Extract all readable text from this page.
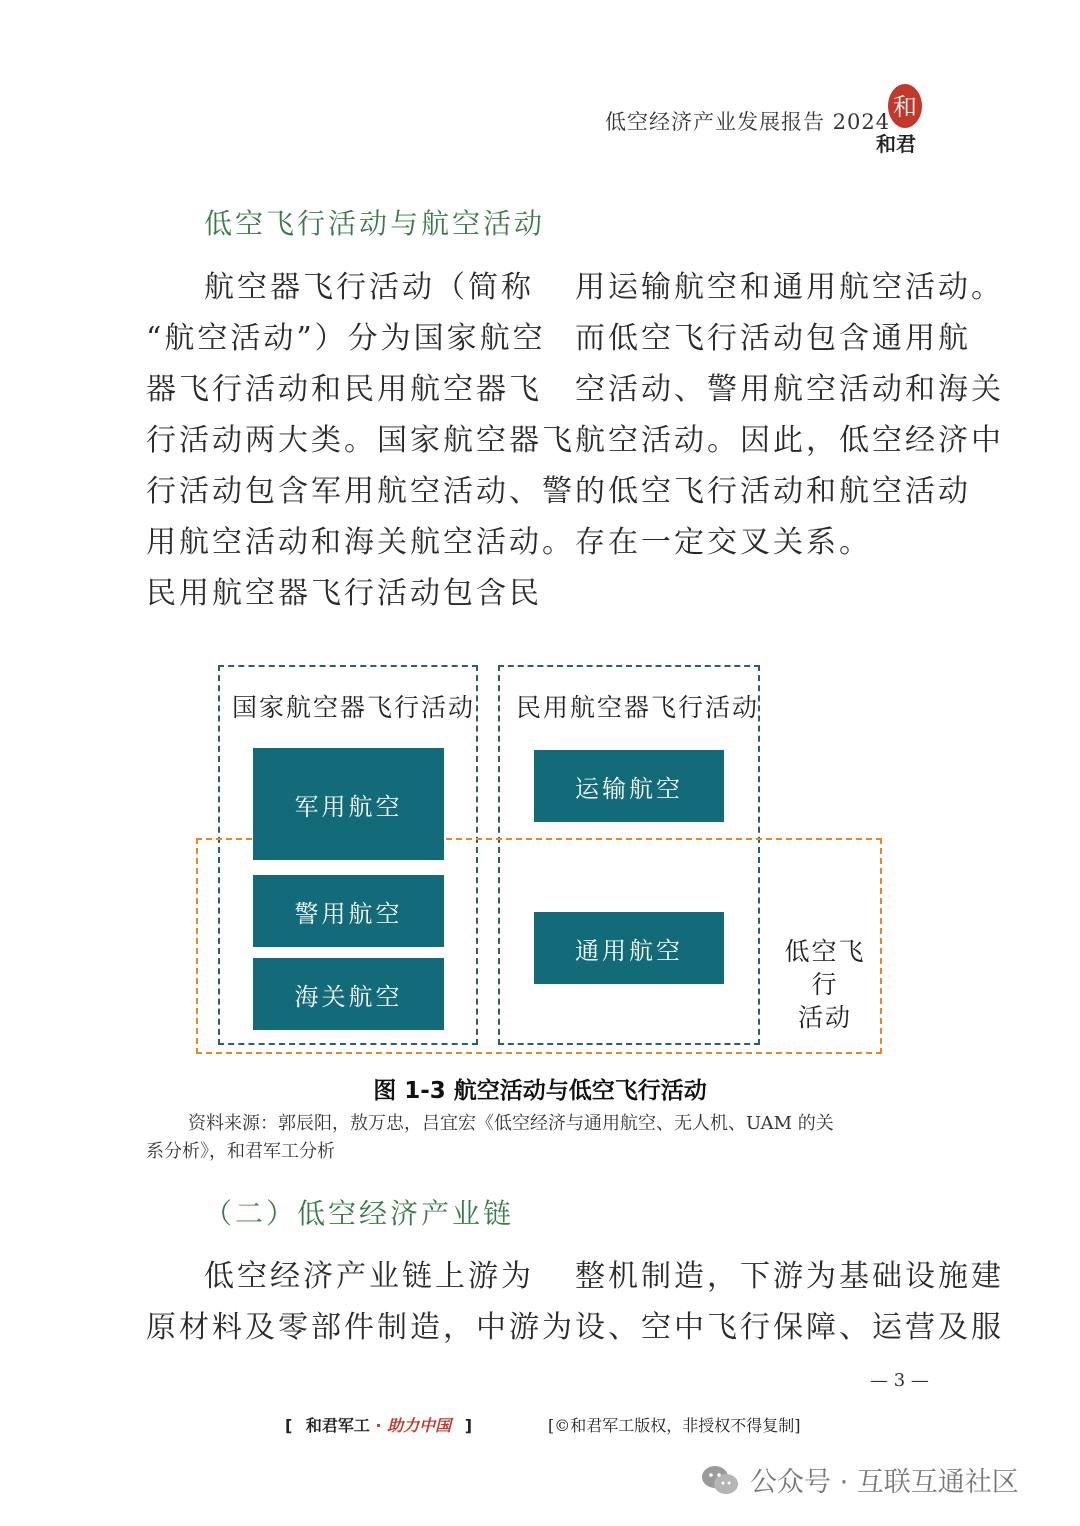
低空经济产业发展报告 2024
和
和君
低空飞行活动与航空活动
航空器飞行活动（简称
“航空活动”）分为国家航空
器飞行活动和民用航空器飞
行活动两大类。国家航空器飞
行活动包含军用航空活动、警
用航空活动和海关航空活动。
民用航空器飞行活动包含民
用运输航空和通用航空活动。
而低空飞行活动包含通用航
空活动、警用航空活动和海关
航空活动。因此，低空经济中
的低空飞行活动和航空活动
存在一定交叉关系。
国家航空器飞行活动 民用航空器飞行活动
军用航空
警用航空
海关航空
运输航空
通用航空	低空飞行
活动
图 1-3 航空活动与低空飞行活动
资料来源：郭辰阳，敖万忠，吕宜宏《低空经济与通用航空、无人机、UAM 的关
系分析》，和君军工分析
（二）低空经济产业链
低空经济产业链上游为
原材料及零部件制造，中游为
整机制造，下游为基础设施建
设、空中飞行保障、运营及服
— 3 —
[ 和君军工 · 助力中国 ]	[©和君军工版权，非授权不得复制]
公众号 · 互联互通社区
